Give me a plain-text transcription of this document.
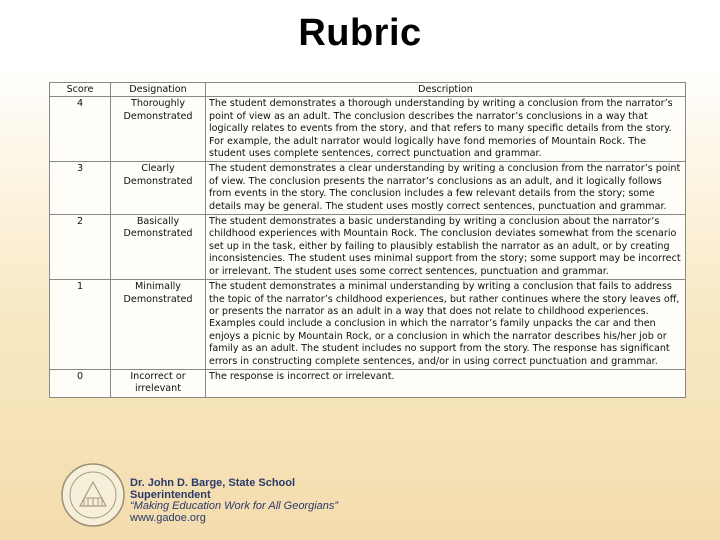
Rubric
Score	Designation	Description
4	Thoroughly Demonstrated	The student demonstrates a thorough understanding by writing a conclusion from the narrator’s point of view as an adult. The conclusion describes the narrator’s conclusions in a way that logically relates to events from the story, and that refers to many specific details from the story. For example, the adult narrator would logically have fond memories of Mountain Rock. The student uses complete sentences, correct punctuation and grammar.
3	Clearly Demonstrated	The student demonstrates a clear understanding by writing a conclusion from the narrator’s point of view. The conclusion presents the narrator’s conclusions as an adult, and it logically follows from events in the story. The conclusion includes a few relevant details from the story; some details may be general. The student uses mostly correct sentences, punctuation and grammar.
2	Basically Demonstrated	The student demonstrates a basic understanding by writing a conclusion about the narrator’s childhood experiences with Mountain Rock. The conclusion deviates somewhat from the scenario set up in the task, either by failing to plausibly establish the narrator as an adult, or by creating inconsistencies. The student uses minimal support from the story; some support may be incorrect or irrelevant. The student uses some correct sentences, punctuation and grammar.
1	Minimally Demonstrated	The student demonstrates a minimal understanding by writing a conclusion that fails to address the topic of the narrator’s childhood experiences, but rather continues where the story leaves off, or presents the narrator as an adult in a way that does not relate to childhood experiences. Examples could include a conclusion in which the narrator’s family unpacks the car and then enjoys a picnic by Mountain Rock, or a conclusion in which the narrator describes his/her job or family as an adult. The student includes no support from the story. The response has significant errors in constructing complete sentences, and/or in using correct punctuation and grammar.
0	Incorrect or irrelevant	The response is incorrect or irrelevant.
Dr. John D. Barge, State School
Superintendent
“Making Education Work for All Georgians”
www.gadoe.org
